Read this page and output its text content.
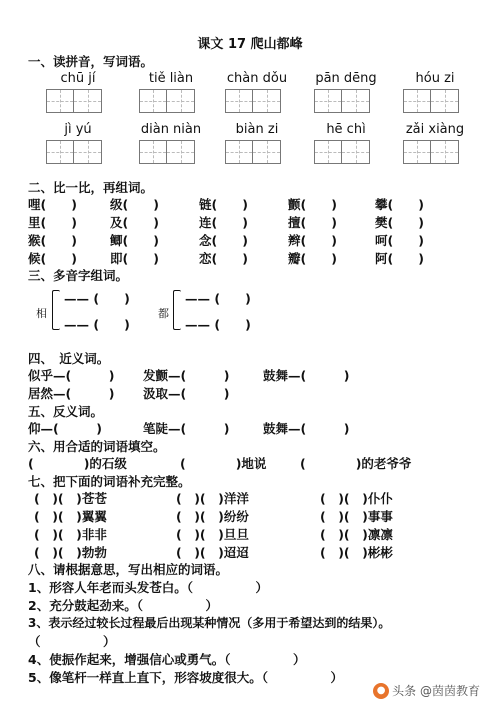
课文 17 爬山都峰
一、读拼音，写词语。
chū jí	tiě liàn	chàn dǒu	pān dēng	hóu zi
jì yú	diàn niàn	biàn zi	hē chì	zǎi xiàng
二、比一比，再组词。
哩(　　)	级(　　)	链(　　)	颤(　　)	攀(　　)
里(　　)	及(　　)	连(　　)	擅(　　)	樊(　　)
猴(　　)	鲫(　　)	念(　　)	辫(　　)	呵(　　)
候(　　)	即(　　)	恋(　　)	瓣(　　)	阿(　　)
三、多音字组词。
相
—— (　　)
—— (　　)
都
—— (　　)
—— (　　)
四、　近义词。
似乎—(　　　) 发颤—(　　　)	鼓舞—(　　　)
居然—(　　　) 汲取—(　　　)
五、反义词。
仰—(　　　)	笔陡—(　　　)	鼓舞—(　　　)
六、用合适的词语填空。
(　　　　)的石级	(　　　　)地说	(　　　　)的老爷爷
七、把下面的词语补充完整。
(　)(　)苍苍	(　)(　)洋洋	(　)(　)仆仆
(　)(　)翼翼	(　)(　)纷纷	(　)(　)事事
(　)(　)非非	(　)(　)旦旦	(　)(　)凛凛
(　)(　)勃勃	(　)(　)迢迢	(　)(　)彬彬
八、请根据意思，写出相应的词语。
1、形容人年老而头发苍白。（　　　　　）
2、充分鼓起劲来。（　　　　　）
3、表示经过较长过程最后出现某种情况（多用于希望达到的结果）。
（　　　　　）
4、使振作起来，增强信心或勇气。（　　　　　）
5、像笔杆一样直上直下，形容坡度很大。（　　　　　）
● 头条 @茵茵教育
